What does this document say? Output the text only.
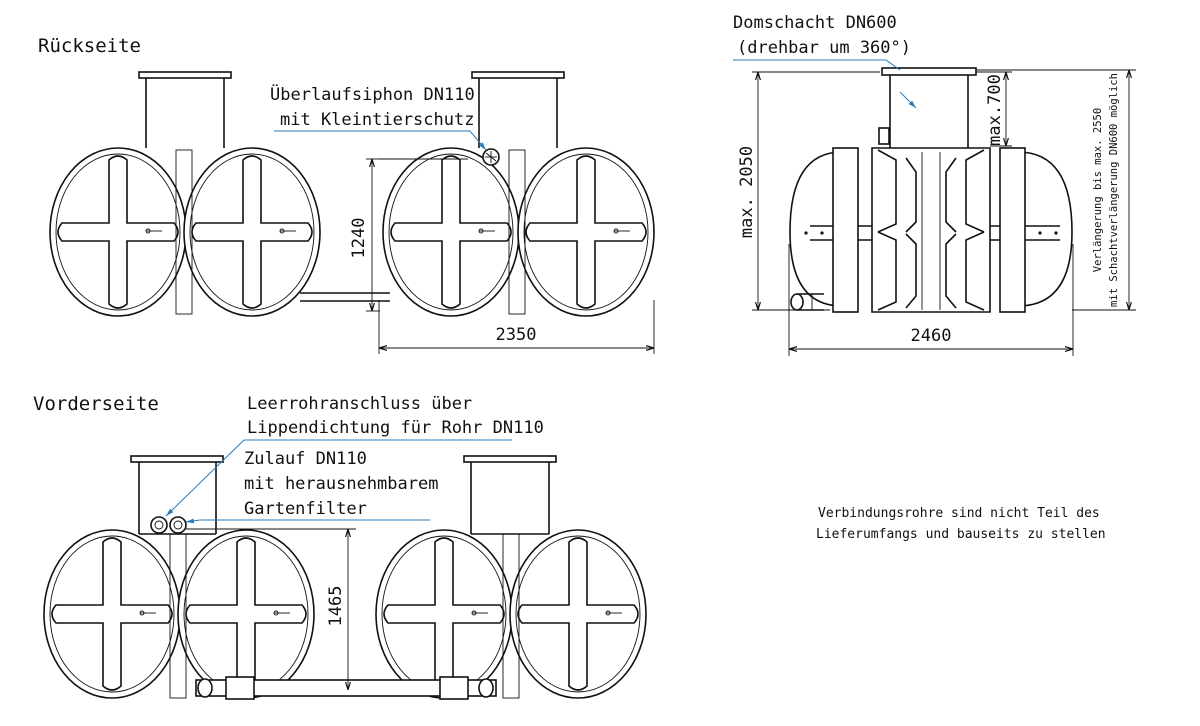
Rückseite
Vorderseite
Überlaufsiphon DN110
mit Kleintierschutz
1240
2350
Domschacht DN600
(drehbar um 360°)
max. 2050
max.700	Verlängerung bis max. 2550 mit Schachtverlängerung DN600 möglich
2460
Leerrohranschluss über
Lippendichtung für Rohr DN110
Zulauf DN110
mit herausnehmbarem
Gartenfilter
1465
Verbindungsrohre sind nicht Teil des
Lieferumfangs und bauseits zu stellen
